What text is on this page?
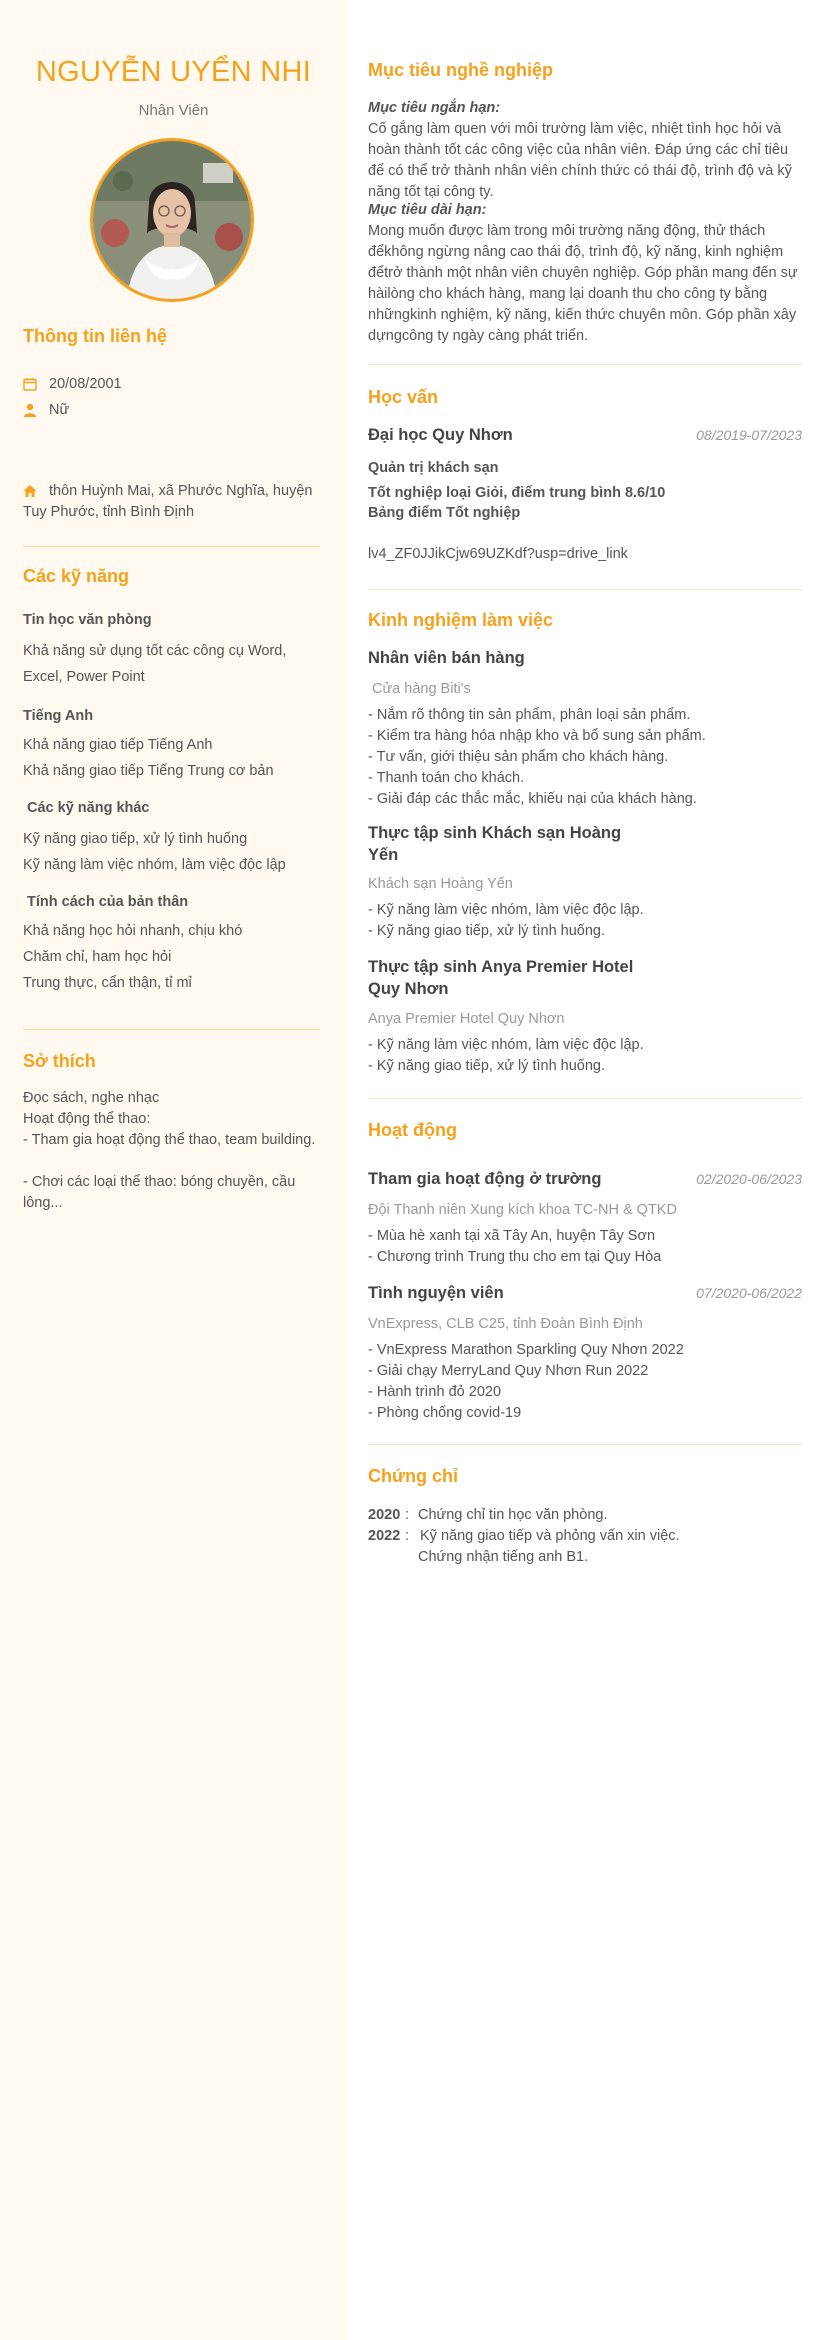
NGUYỄN UYỂN NHI
Nhân Viên
Thông tin liên hệ
20/08/2001
Nữ
thôn Huỳnh Mai, xã Phước Nghĩa, huyện Tuy Phước, tỉnh Bình Định
Các kỹ năng
Tin học văn phòng
Khả năng sử dụng tốt các công cụ Word,
Excel, Power Point
Tiếng Anh
Khả năng giao tiếp Tiếng Anh
Khả năng giao tiếp Tiếng Trung cơ bản
Các kỹ năng khác
Kỹ năng giao tiếp, xử lý tình huống
Kỹ năng làm việc nhóm, làm việc độc lập
Tính cách của bản thân
Khả năng học hỏi nhanh, chịu khó
Chăm chỉ, ham học hỏi
Trung thực, cẩn thận, tỉ mỉ
Sở thích
Đọc sách, nghe nhạc
Hoạt động thể thao:
- Tham gia hoạt động thể thao, team building.
- Chơi các loại thể thao: bóng chuyền, cầu
lông...
Mục tiêu nghề nghiệp
Mục tiêu ngắn hạn:
Cố gắng làm quen với môi trường làm việc, nhiệt tình học hỏi và
hoàn thành tốt các công việc của nhân viên. Đáp ứng các chỉ tiêu
để có thể trở thành nhân viên chính thức có thái độ, trình độ và kỹ
năng tốt tại công ty.
Mục tiêu dài hạn:
Mong muốn được làm trong môi trường năng động, thử thách
đểkhông ngừng nâng cao thái độ, trình độ, kỹ năng, kinh nghiệm
đểtrở thành một nhân viên chuyên nghiệp. Góp phần mang đến sự
hàilòng cho khách hàng, mang lại doanh thu cho công ty bằng
nhữngkinh nghiệm, kỹ năng, kiến thức chuyên môn. Góp phần xây
dựngcông ty ngày càng phát triển.
Học vấn
Đại học Quy Nhơn	08/2019-07/2023
Quản trị khách sạn
Tốt nghiệp loại Giỏi, điểm trung bình 8.6/10
Bảng điểm Tốt nghiệp
lv4_ZF0JJikCjw69UZKdf?usp=drive_link
Kinh nghiệm làm việc
Nhân viên bán hàng
Cửa hàng Biti's
- Nắm rõ thông tin sản phẩm, phân loại sản phẩm.
- Kiểm tra hàng hóa nhập kho và bổ sung sản phẩm.
- Tư vấn, giới thiệu sản phẩm cho khách hàng.
- Thanh toán cho khách.
- Giải đáp các thắc mắc, khiếu nại của khách hàng.
Thực tập sinh Khách sạn Hoàng
Yến
Khách sạn Hoàng Yến
- Kỹ năng làm việc nhóm, làm việc độc lập.
- Kỹ năng giao tiếp, xử lý tình huống.
Thực tập sinh Anya Premier Hotel
Quy Nhơn
Anya Premier Hotel Quy Nhơn
- Kỹ năng làm việc nhóm, làm việc độc lập.
- Kỹ năng giao tiếp, xử lý tình huống.
Hoạt động
Tham gia hoạt động ở trường	02/2020-06/2023
Đội Thanh niên Xung kích khoa TC-NH & QTKD
- Mùa hè xanh tại xã Tây An, huyện Tây Sơn
- Chương trình Trung thu cho em tại Quy Hòa
Tình nguyện viên	07/2020-06/2022
VnExpress, CLB C25, tỉnh Đoàn Bình Định
- VnExpress Marathon Sparkling Quy Nhơn 2022
- Giải chạy MerryLand Quy Nhơn Run 2022
- Hành trình đỏ 2020
- Phòng chống covid-19
Chứng chỉ
2020 : Chứng chỉ tin học văn phòng.
2022 : Kỹ năng giao tiếp và phỏng vấn xin việc.
Chứng nhận tiếng anh B1.
